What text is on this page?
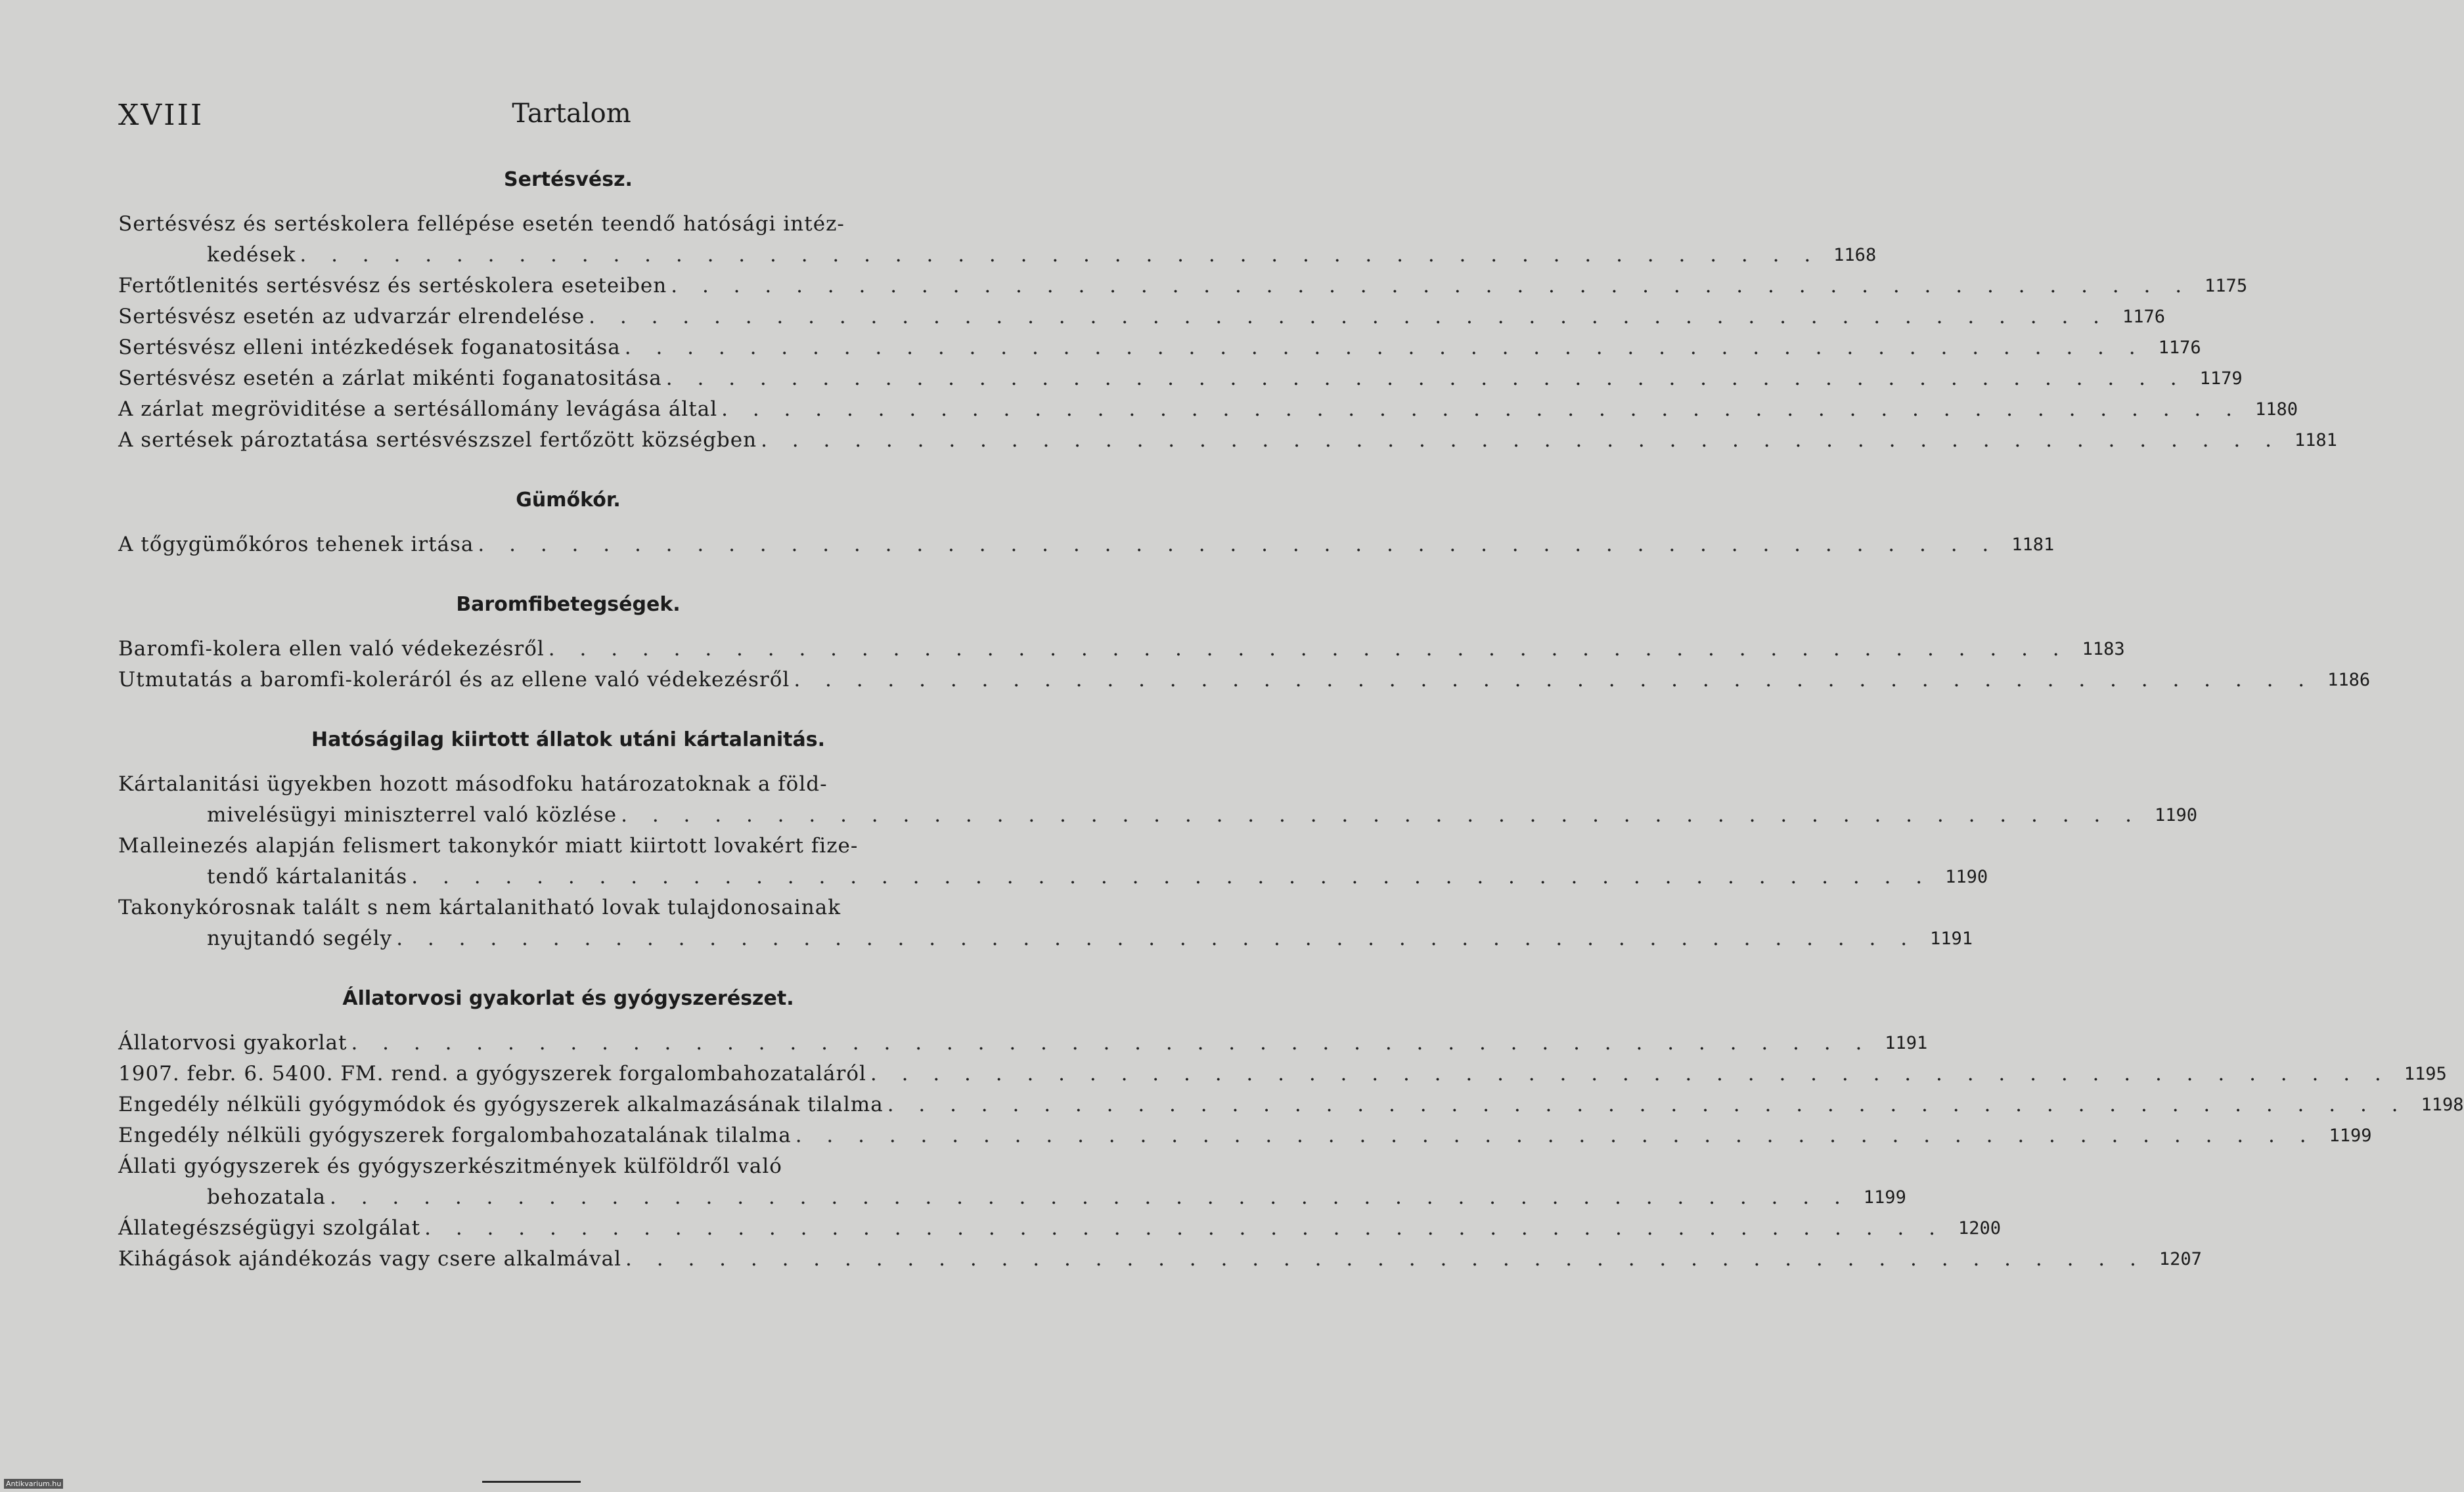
XVIII	Tartalom
Sertésvész.
Sertésvész és sertéskolera fellépése esetén teendő hatósági intéz-
kedések . . . . . . . . . . . . . . . . . . . . . . . . . . . . . . . . . . . . . . . . . . . . . . . . . 1168
Fertőtlenités sertésvész és sertéskolera eseteiben . . . . . . . . . . . . . . . . . . . . . . . . . . . . . . . . . . . . . . . . . . . . . . . . . 1175
Sertésvész esetén az udvarzár elrendelése . . . . . . . . . . . . . . . . . . . . . . . . . . . . . . . . . . . . . . . . . . . . . . . . . 1176
Sertésvész elleni intézkedések foganatositása . . . . . . . . . . . . . . . . . . . . . . . . . . . . . . . . . . . . . . . . . . . . . . . . . 1176
Sertésvész esetén a zárlat mikénti foganatositása . . . . . . . . . . . . . . . . . . . . . . . . . . . . . . . . . . . . . . . . . . . . . . . . . 1179
A zárlat megröviditése a sertésállomány levágása által . . . . . . . . . . . . . . . . . . . . . . . . . . . . . . . . . . . . . . . . . . . . . . . . . 1180
A sertések pároztatása sertésvészszel fertőzött községben . . . . . . . . . . . . . . . . . . . . . . . . . . . . . . . . . . . . . . . . . . . . . . . . . 1181
Gümőkór.
A tőgygümőkóros tehenek irtása . . . . . . . . . . . . . . . . . . . . . . . . . . . . . . . . . . . . . . . . . . . . . . . . . 1181
Baromfibetegségek.
Baromfi-kolera ellen való védekezésről . . . . . . . . . . . . . . . . . . . . . . . . . . . . . . . . . . . . . . . . . . . . . . . . . 1183
Utmutatás a baromfi-koleráról és az ellene való védekezésről . . . . . . . . . . . . . . . . . . . . . . . . . . . . . . . . . . . . . . . . . . . . . . . . . 1186
Hatóságilag kiirtott állatok utáni kártalanitás.
Kártalanitási ügyekben hozott másodfoku határozatoknak a föld-
mivelésügyi miniszterrel való közlése . . . . . . . . . . . . . . . . . . . . . . . . . . . . . . . . . . . . . . . . . . . . . . . . . 1190
Malleinezés alapján felismert takonykór miatt kiirtott lovakért fize-
tendő kártalanitás . . . . . . . . . . . . . . . . . . . . . . . . . . . . . . . . . . . . . . . . . . . . . . . . . 1190
Takonykórosnak talált s nem kártalanitható lovak tulajdonosainak
nyujtandó segély . . . . . . . . . . . . . . . . . . . . . . . . . . . . . . . . . . . . . . . . . . . . . . . . . 1191
Állatorvosi gyakorlat és gyógyszerészet.
Állatorvosi gyakorlat . . . . . . . . . . . . . . . . . . . . . . . . . . . . . . . . . . . . . . . . . . . . . . . . . 1191
1907. febr. 6. 5400. FM. rend. a gyógyszerek forgalombahozataláról . . . . . . . . . . . . . . . . . . . . . . . . . . . . . . . . . . . . . . . . . . . . . . . . . 1195
Engedély nélküli gyógymódok és gyógyszerek alkalmazásának tilalma . . . . . . . . . . . . . . . . . . . . . . . . . . . . . . . . . . . . . . . . . . . . . . . . . 1198
Engedély nélküli gyógyszerek forgalombahozatalának tilalma . . . . . . . . . . . . . . . . . . . . . . . . . . . . . . . . . . . . . . . . . . . . . . . . . 1199
Állati gyógyszerek és gyógyszerkészitmények külföldről való
behozatala . . . . . . . . . . . . . . . . . . . . . . . . . . . . . . . . . . . . . . . . . . . . . . . . . 1199
Állategészségügyi szolgálat . . . . . . . . . . . . . . . . . . . . . . . . . . . . . . . . . . . . . . . . . . . . . . . . . 1200
Kihágások ajándékozás vagy csere alkalmával . . . . . . . . . . . . . . . . . . . . . . . . . . . . . . . . . . . . . . . . . . . . . . . . . 1207
Antikvarium.hu
